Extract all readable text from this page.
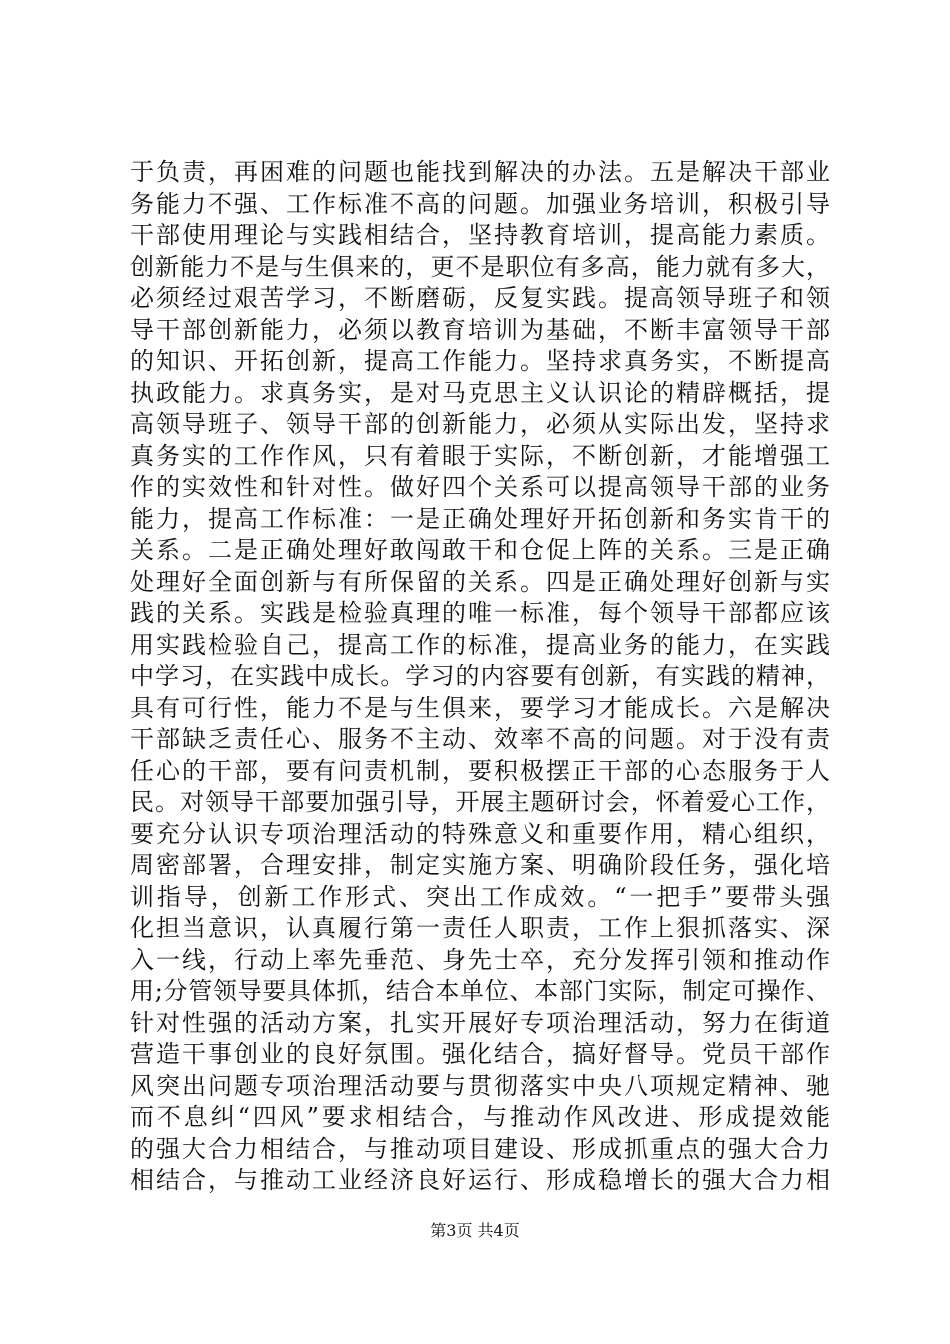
于负责，再困难的问题也能找到解决的办法。五是解决干部业
务能力不强、工作标准不高的问题。加强业务培训，积极引导
干部使用理论与实践相结合，坚持教育培训，提高能力素质。
创新能力不是与生俱来的，更不是职位有多高，能力就有多大，
必须经过艰苦学习，不断磨砺，反复实践。提高领导班子和领
导干部创新能力，必须以教育培训为基础，不断丰富领导干部
的知识、开拓创新，提高工作能力。坚持求真务实，不断提高
执政能力。求真务实，是对马克思主义认识论的精辟概括，提
高领导班子、领导干部的创新能力，必须从实际出发，坚持求
真务实的工作作风，只有着眼于实际，不断创新，才能增强工
作的实效性和针对性。做好四个关系可以提高领导干部的业务
能力，提高工作标准：一是正确处理好开拓创新和务实肯干的
关系。二是正确处理好敢闯敢干和仓促上阵的关系。三是正确
处理好全面创新与有所保留的关系。四是正确处理好创新与实
践的关系。实践是检验真理的唯一标准，每个领导干部都应该
用实践检验自己，提高工作的标准，提高业务的能力，在实践
中学习，在实践中成长。学习的内容要有创新，有实践的精神，
具有可行性，能力不是与生俱来，要学习才能成长。六是解决
干部缺乏责任心、服务不主动、效率不高的问题。对于没有责
任心的干部，要有问责机制，要积极摆正干部的心态服务于人
民。对领导干部要加强引导，开展主题研讨会，怀着爱心工作，
要充分认识专项治理活动的特殊意义和重要作用，精心组织，
周密部署，合理安排，制定实施方案、明确阶段任务，强化培
训指导，创新工作形式、突出工作成效。“一把手”要带头强
化担当意识，认真履行第一责任人职责，工作上狠抓落实、深
入一线，行动上率先垂范、身先士卒，充分发挥引领和推动作
用;分管领导要具体抓，结合本单位、本部门实际，制定可操作、
针对性强的活动方案，扎实开展好专项治理活动，努力在街道
营造干事创业的良好氛围。强化结合，搞好督导。党员干部作
风突出问题专项治理活动要与贯彻落实中央八项规定精神、驰
而不息纠“四风”要求相结合，与推动作风改进、形成提效能
的强大合力相结合，与推动项目建设、形成抓重点的强大合力
相结合，与推动工业经济良好运行、形成稳增长的强大合力相
第3页 共4页
